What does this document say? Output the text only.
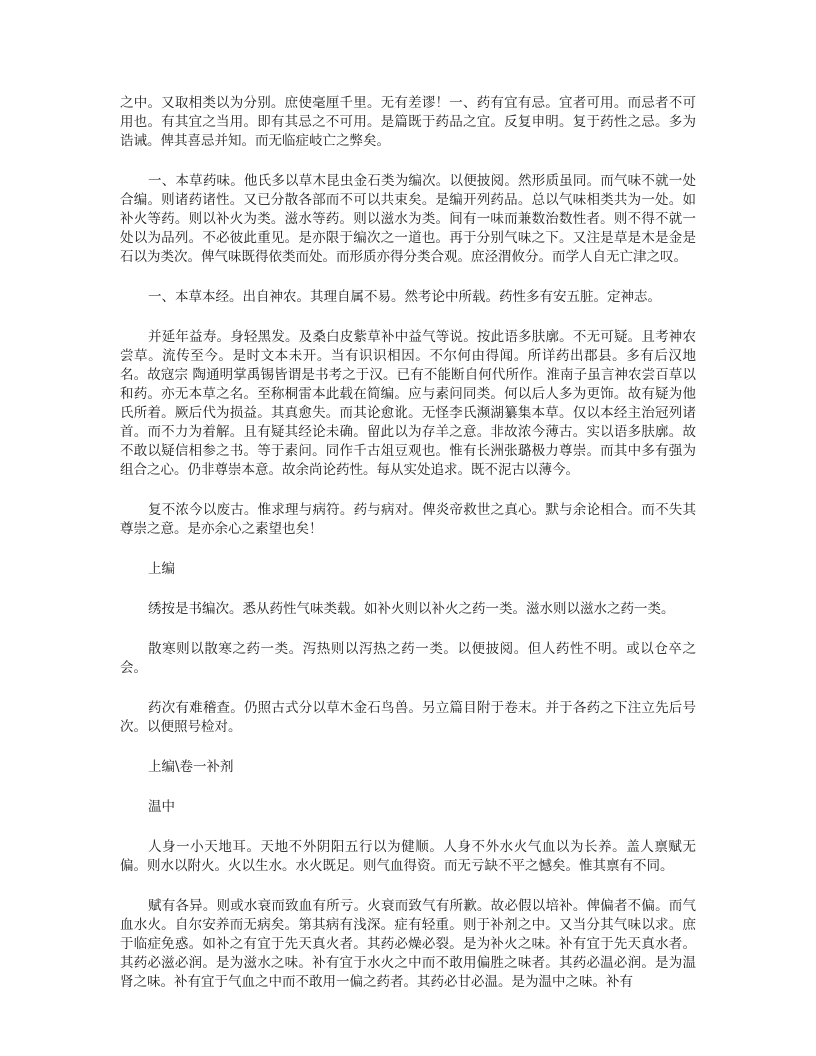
之中。又取相类以为分别。庶使毫厘千里。无有差谬！一、药有宜有忌。宜者可用。而忌者不可用也。有其宜之当用。即有其忌之不可用。是篇既于药品之宜。反复申明。复于药性之忌。多为诰诫。俾其喜忌并知。而无临症岐亡之弊矣。

一、本草药味。他氏多以草木昆虫金石类为编次。以便披阅。然形质虽同。而气味不就一处合编。则诸药诸性。又已分散各部而不可以共束矣。是编开列药品。总以气味相类共为一处。如补火等药。则以补火为类。滋水等药。则以滋水为类。间有一味而兼数治数性者。则不得不就一处以为品列。不必彼此重见。是亦限于编次之一道也。再于分别气味之下。又注是草是木是金是石以为类次。俾气味既得依类而处。而形质亦得分类合观。庶泾渭攸分。而学人自无亡津之叹。

一、本草本经。出自神农。其理自属不易。然考论中所载。药性多有安五脏。定神志。

并延年益寿。身轻黑发。及桑白皮紫草补中益气等说。按此语多肤廓。不无可疑。且考神农尝草。流传至今。是时文本未开。当有识识相因。不尔何由得闻。所详药出郡县。多有后汉地名。故寇宗 陶通明掌禹锡皆谓是书考之于汉。已有不能断自何代所作。淮南子虽言神农尝百草以和药。亦无本草之名。至称桐雷本此载在简编。应与素问同类。何以后人多为更饰。故有疑为他氏所着。厥后代为损益。其真愈失。而其论愈讹。无怪李氏濒湖纂集本草。仅以本经主治冠列诸首。而不力为着解。且有疑其经论未确。留此以为存羊之意。非故浓今薄古。实以语多肤廓。故不敢以疑信相参之书。等于素问。同作千古俎豆观也。惟有长洲张璐极力尊崇。而其中多有强为组合之心。仍非尊崇本意。故余尚论药性。每从实处追求。既不泥古以薄今。

复不浓今以废古。惟求理与病符。药与病对。俾炎帝救世之真心。默与余论相合。而不失其尊崇之意。是亦余心之素望也矣！

上编

绣按是书编次。悉从药性气味类载。如补火则以补火之药一类。滋水则以滋水之药一类。

散寒则以散寒之药一类。泻热则以泻热之药一类。以便披阅。但人药性不明。或以仓卒之会。

药次有难稽查。仍照古式分以草木金石鸟兽。另立篇目附于卷末。并于各药之下注立先后号次。以便照号检对。

上编\卷一补剂
温中

人身一小天地耳。天地不外阴阳五行以为健顺。人身不外水火气血以为长养。盖人禀赋无偏。则水以附火。火以生水。水火既足。则气血得资。而无亏缺不平之憾矣。惟其禀有不同。

赋有各异。则或水衰而致血有所亏。火衰而致气有所歉。故必假以培补。俾偏者不偏。而气血水火。自尔安养而无病矣。第其病有浅深。症有轻重。则于补剂之中。又当分其气味以求。庶于临症免惑。如补之有宜于先天真火者。其药必燥必裂。是为补火之味。补有宜于先天真水者。其药必滋必润。是为滋水之味。补有宜于水火之中而不敢用偏胜之味者。其药必温必润。是为温肾之味。补有宜于气血之中而不敢用一偏之药者。其药必甘必温。是为温中之味。补有
